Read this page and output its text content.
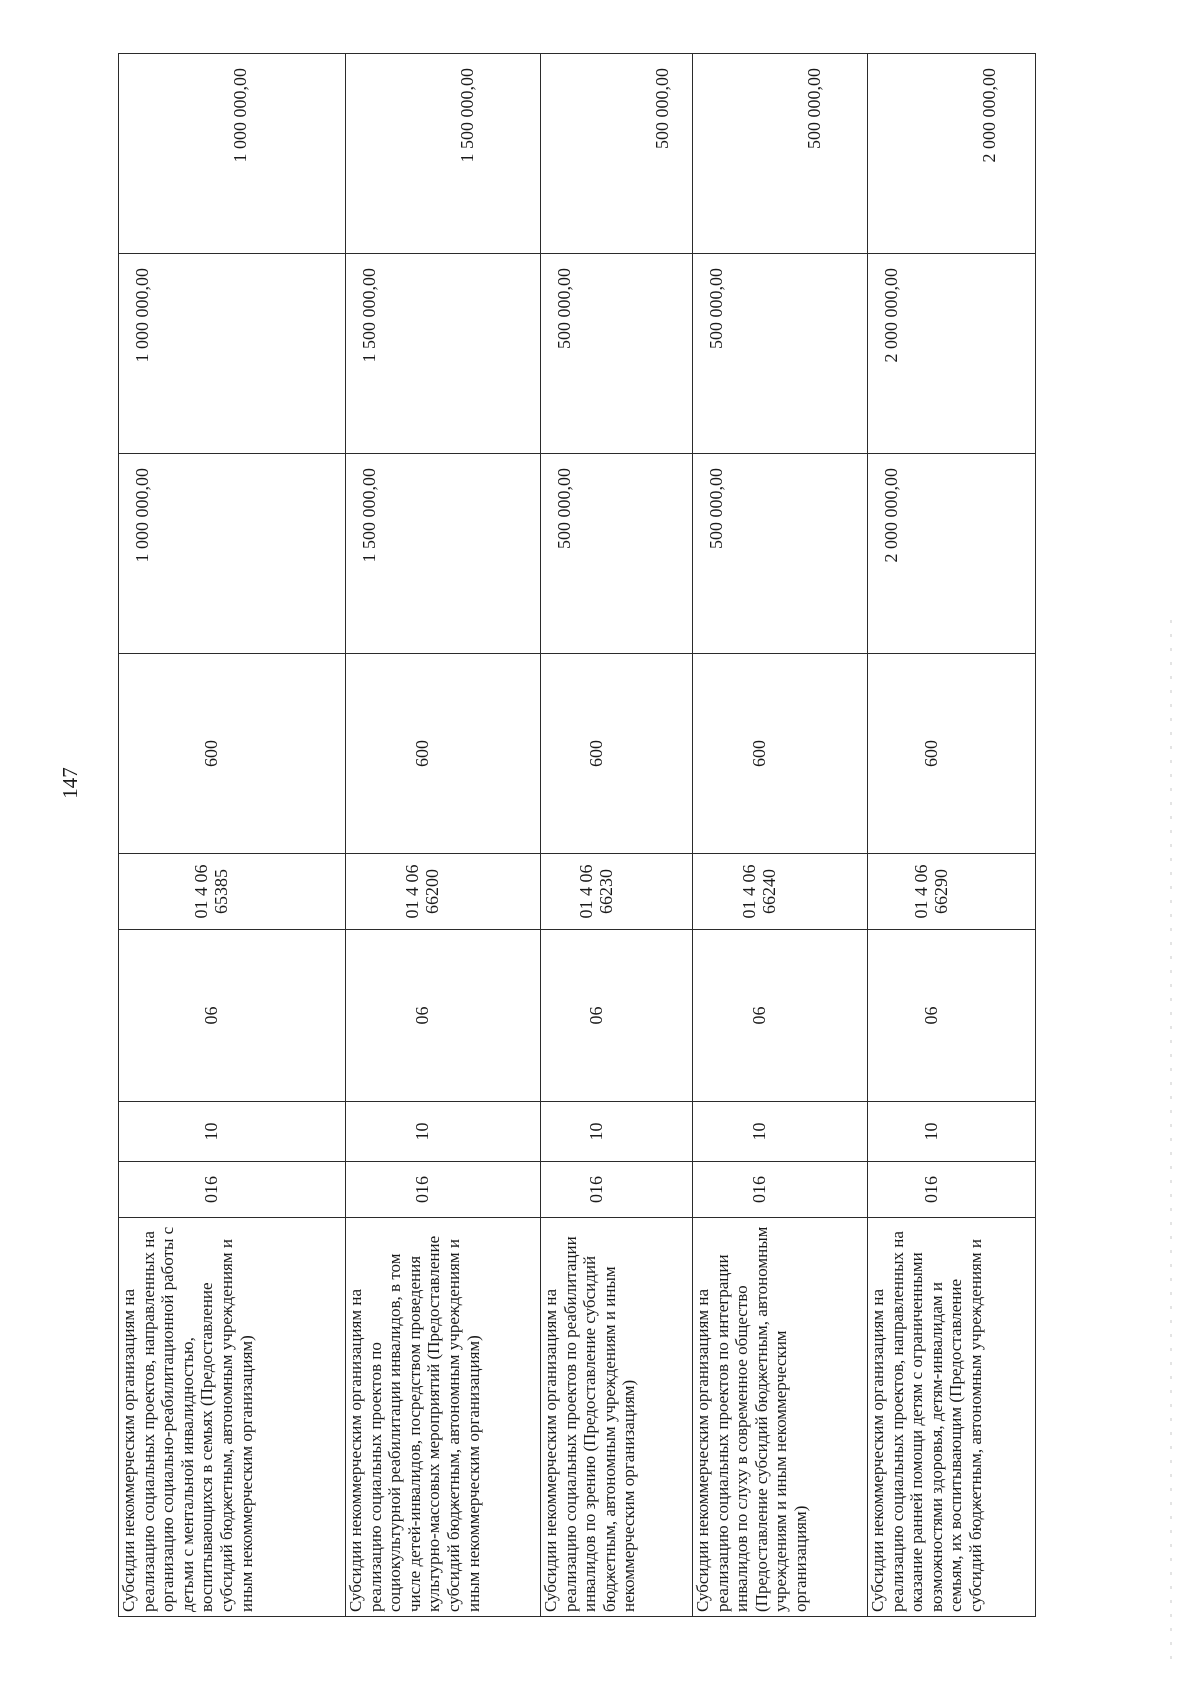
147
Субсидии некоммерческим организациям на реализацию социальных проектов, направленных на организацию социально-реабилитационной работы с детьми с ментальной инвалидностью, воспитывающихся в семьях (Предоставление субсидий бюджетным, автономным учреждениям и иным некоммерческим организациям)	016	10	06	01 4 06 65385	600	1 000 000,00	1 000 000,00	1 000 000,00
Субсидии некоммерческим организациям на реализацию социальных проектов по социокультурной реабилитации инвалидов, в том числе детей-инвалидов, посредством проведения культурно-массовых мероприятий (Предоставление субсидий бюджетным, автономным учреждениям и иным некоммерческим организациям)	016	10	06	01 4 06 66200	600	1 500 000,00	1 500 000,00	1 500 000,00
Субсидии некоммерческим организациям на реализацию социальных проектов по реабилитации инвалидов по зрению (Предоставление субсидий бюджетным, автономным учреждениям и иным некоммерческим организациям)	016	10	06	01 4 06 66230	600	500 000,00	500 000,00	500 000,00
Субсидии некоммерческим организациям на реализацию социальных проектов по интеграции инвалидов по слуху в современное общество (Предоставление субсидий бюджетным, автономным учреждениям и иным некоммерческим организациям)	016	10	06	01 4 06 66240	600	500 000,00	500 000,00	500 000,00
Субсидии некоммерческим организациям на реализацию социальных проектов, направленных на оказание ранней помощи детям с ограниченными возможностями здоровья, детям-инвалидам и семьям, их воспитывающим (Предоставление субсидий бюджетным, автономным учреждениям и	016	10	06	01 4 06 66290	600	2 000 000,00	2 000 000,00	2 000 000,00
